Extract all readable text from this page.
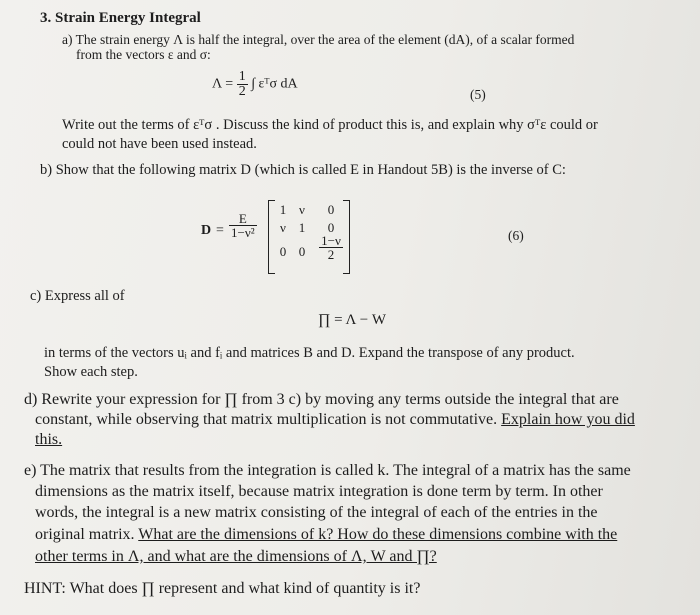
3. Strain Energy Integral
a) The strain energy Λ is half the integral, over the area of the element (dA), of a scalar formed
from the vectors ε and σ:
$\Lambda = \frac{1}{2}$ ∫ εᵀσ dA
(5)
Write out the terms of εᵀσ . Discuss the kind of product this is, and explain why σᵀε could or
could not have been used instead.
b) Show that the following matrix D (which is called E in Handout 5B) is the inverse of C:
$D = \frac{E}{\text{1−ν²}}$
1 ν	0
ν 1	0
0 0	$\frac{1-\nu}{2}$	(6)
c) Express all of
∏ = Λ − W
in terms of the vectors uᵢ and fᵢ and matrices B and D. Expand the transpose of any product.
Show each step.
d) Rewrite your expression for ∏ from 3 c) by moving any terms outside the integral that are
constant, while observing that matrix multiplication is not commutative. Explain how you did
this.
e) The matrix that results from the integration is called k. The integral of a matrix has the same
dimensions as the matrix itself, because matrix integration is done term by term. In other
words, the integral is a new matrix consisting of the integral of each of the entries in the
original matrix. What are the dimensions of k? How do these dimensions combine with the
other terms in Λ, and what are the dimensions of Λ, W and ∏?
HINT: What does ∏ represent and what kind of quantity is it?
